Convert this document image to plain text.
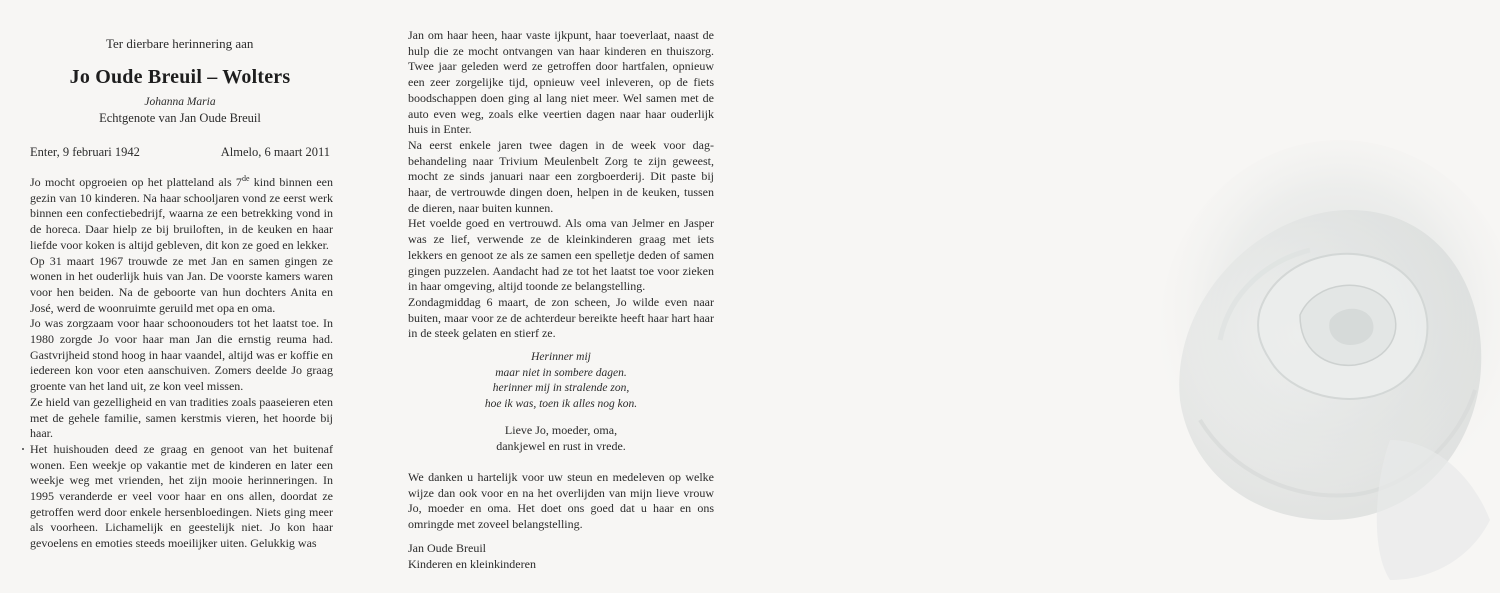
Ter dierbare herinnering aan
Jo Oude Breuil – Wolters
Johanna Maria
Echtgenote van Jan Oude Breuil
Enter, 9 februari 1942	Almelo, 6 maart 2011

Jo mocht opgroeien op het platteland als 7de kind binnen een gezin van 10 kinderen. Na haar schooljaren vond ze eerst werk binnen een confectiebedrijf, waarna ze een betrekking vond in de horeca. Daar hielp ze bij bruiloften, in de keuken en haar liefde voor koken is altijd gebleven, dit kon ze goed en lekker.

Op 31 maart 1967 trouwde ze met Jan en samen gingen ze wonen in het ouderlijk huis van Jan. De voorste kamers waren voor hen beiden. Na de geboorte van hun dochters Anita en José, werd de woonruimte geruild met opa en oma.

Jo was zorgzaam voor haar schoonouders tot het laatst toe. In 1980 zorgde Jo voor haar man Jan die ernstig reuma had. Gastvrijheid stond hoog in haar vaandel, altijd was er koffie en iedereen kon voor eten aanschuiven. Zomers deelde Jo graag groente van het land uit, ze kon veel missen.

Ze hield van gezelligheid en van tradities zoals paaseieren eten met de gehele familie, samen kerstmis vieren, het hoorde bij haar.

Het huishouden deed ze graag en genoot van het buitenaf wonen. Een weekje op vakantie met de kinderen en later een weekje weg met vrienden, het zijn mooie herinneringen. In 1995 veranderde er veel voor haar en ons allen, doordat ze getroffen werd door enkele hersenbloedingen. Niets ging meer als voorheen. Lichamelijk en geestelijk niet. Jo kon haar gevoelens en emoties steeds moeilijker uiten. Gelukkig was

Jan om haar heen, haar vaste ijkpunt, haar toeverlaat, naast de hulp die ze mocht ontvangen van haar kinderen en thuiszorg. Twee jaar geleden werd ze getroffen door hartfalen, opnieuw een zeer zorgelijke tijd, opnieuw veel inleveren, op de fiets boodschappen doen ging al lang niet meer. Wel samen met de auto even weg, zoals elke veertien dagen naar haar ouderlijk huis in Enter.

Na eerst enkele jaren twee dagen in de week voor dag-behandeling naar Trivium Meulenbelt Zorg te zijn geweest, mocht ze sinds januari naar een zorgboerderij. Dit paste bij haar, de vertrouwde dingen doen, helpen in de keuken, tussen de dieren, naar buiten kunnen.

Het voelde goed en vertrouwd. Als oma van Jelmer en Jasper was ze lief, verwende ze de kleinkinderen graag met iets lekkers en genoot ze als ze samen een spelletje deden of samen gingen puzzelen. Aandacht had ze tot het laatst toe voor zieken in haar omgeving, altijd toonde ze belangstelling.

Zondagmiddag 6 maart, de zon scheen, Jo wilde even naar buiten, maar voor ze de achterdeur bereikte heeft haar hart haar in de steek gelaten en stierf ze.

Herinner mij

maar niet in sombere dagen.

herinner mij in stralende zon,

hoe ik was, toen ik alles nog kon.

Lieve Jo, moeder, oma,

dankjewel en rust in vrede.

We danken u hartelijk voor uw steun en medeleven op welke wijze dan ook voor en na het overlijden van mijn lieve vrouw Jo, moeder en oma. Het doet ons goed dat u haar en ons omringde met zoveel belangstelling.

Jan Oude Breuil

Kinderen en kleinkinderen
